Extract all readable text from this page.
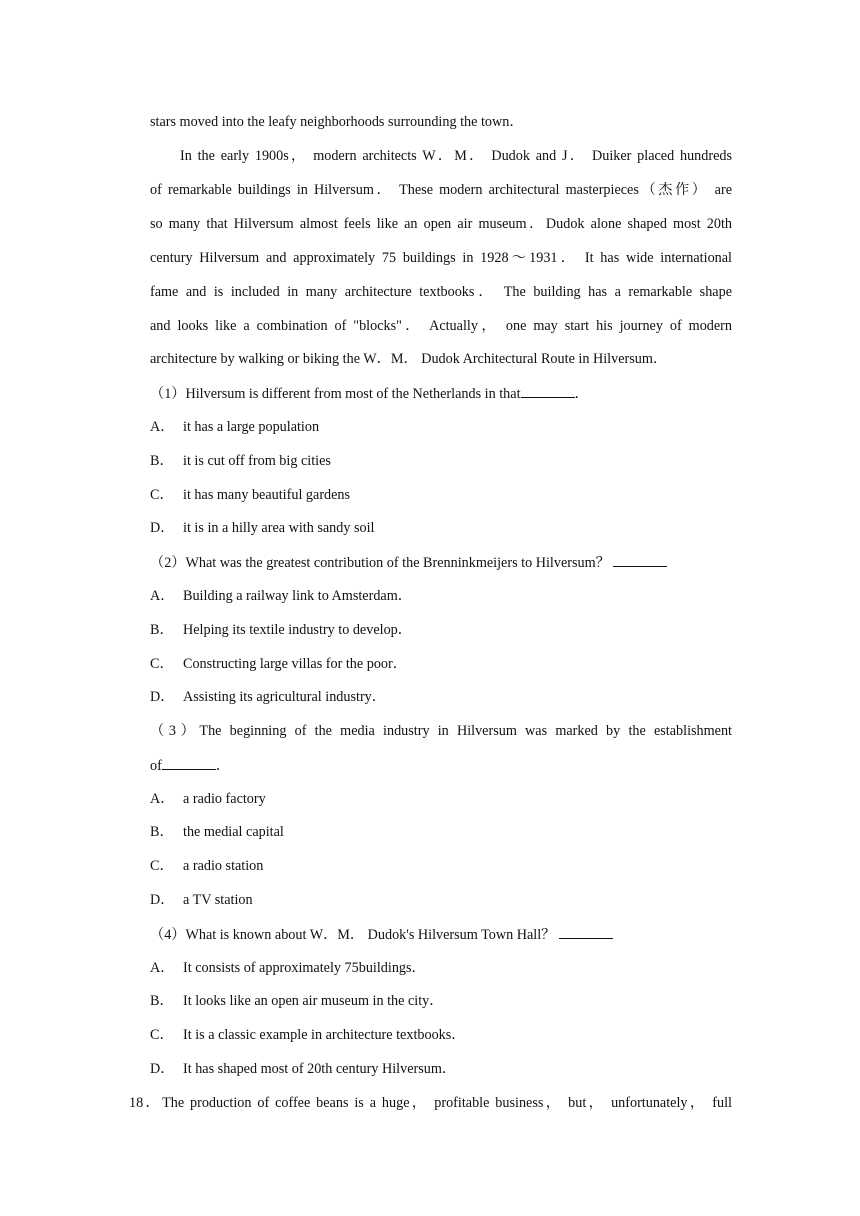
stars moved into the leafy neighborhoods surrounding the town．
In the early 1900s， modern architects W．M． Dudok and J． Duiker placed hundreds
of remarkable buildings in Hilversum． These modern architectural masterpieces（杰作） are
so many that Hilversum almost feels like an open air museum．Dudok alone shaped most 20th
century Hilversum and approximately 75 buildings in 1928～1931． It has wide international
fame and is included in many architecture textbooks． The building has a remarkable shape
and looks like a combination of "blocks"． Actually， one may start his journey of modern
architecture by walking or biking the W．M． Dudok Architectural Route in Hilversum．
（1）Hilversum is different from most of the Netherlands in that	．
A． it has a large population
B． it is cut off from big cities
C． it has many beautiful gardens
D． it is in a hilly area with sandy soil
（2）What was the greatest contribution of the Brenninkmeijers to Hilversum？
A． Building a railway link to Amsterdam．
B． Helping its textile industry to develop．
C． Constructing large villas for the poor．
D． Assisting its agricultural industry．
（3）The beginning of the media industry in Hilversum was marked by the establishment
of	．
A． a radio factory
B． the medial capital
C． a radio station
D． a TV station
（4）What is known about W．M． Dudok's Hilversum Town Hall？
A． It consists of approximately 75buildings．
B． It looks like an open air museum in the city．
C． It is a classic example in architecture textbooks．
D． It has shaped most of 20th century Hilversum．
18．The production of coffee beans is a huge， profitable business， but， unfortunately， full
